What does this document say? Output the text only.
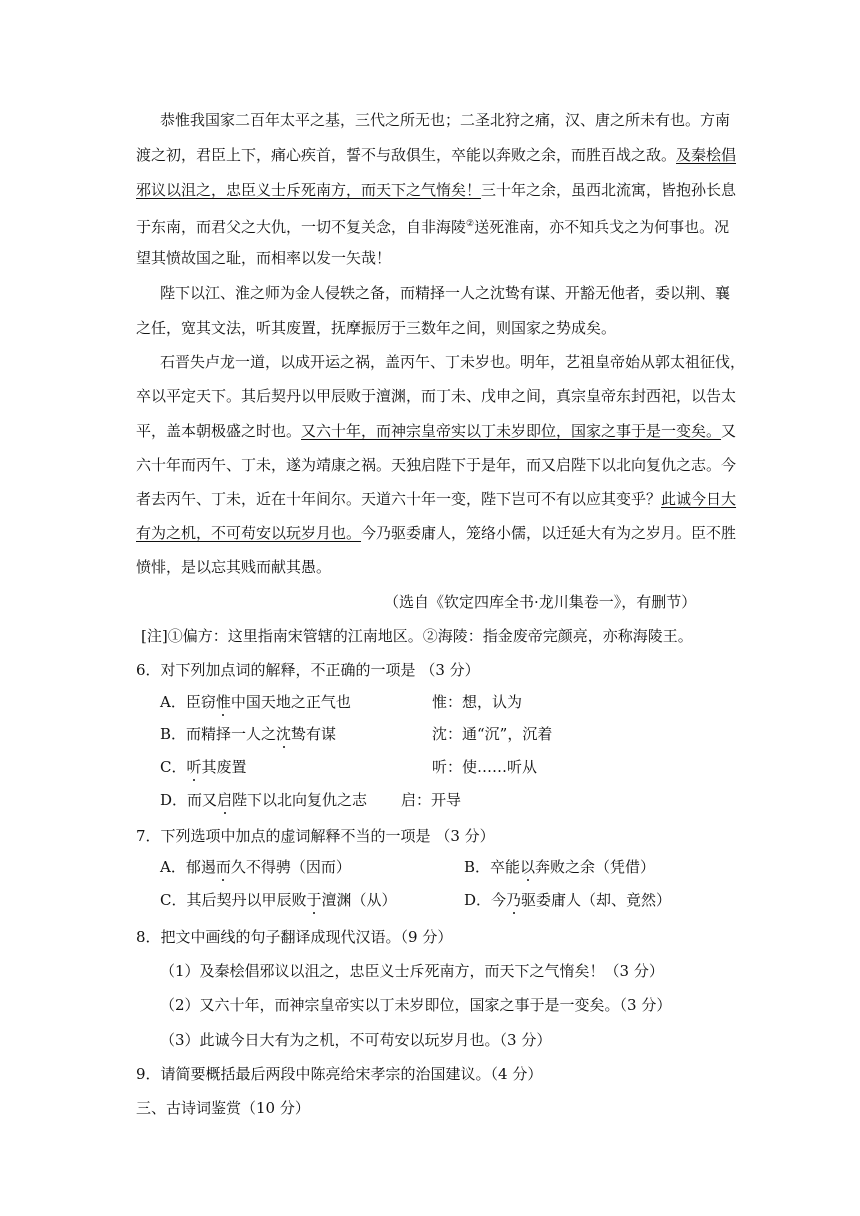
恭惟我国家二百年太平之基，三代之所无也；二圣北狩之痛，汉、唐之所未有也。方南
渡之初，君臣上下，痛心疾首，誓不与敌俱生，卒能以奔败之余，而胜百战之敌。及秦桧倡
邪议以沮之，忠臣义士斥死南方，而天下之气惰矣！三十年之余，虽西北流寓，皆抱孙长息
于东南，而君父之大仇，一切不复关念，自非海陵②送死淮南，亦不知兵戈之为何事也。况
望其愤故国之耻，而相率以发一矢哉！
陛下以江、淮之师为金人侵轶之备，而精择一人之沈鸷有谋、开豁无他者，委以荆、襄
之任，宽其文法，听其废置，抚摩振厉于三数年之间，则国家之势成矣。
石晋失卢龙一道，以成开运之祸，盖丙午、丁未岁也。明年，艺祖皇帝始从郭太祖征伐，
卒以平定天下。其后契丹以甲辰败于澶渊，而丁未、戊申之间，真宗皇帝东封西祀，以告太
平，盖本朝极盛之时也。又六十年，而神宗皇帝实以丁未岁即位，国家之事于是一变矣。又
六十年而丙午、丁未，遂为靖康之祸。天独启陛下于是年，而又启陛下以北向复仇之志。今
者去丙午、丁未，近在十年间尔。天道六十年一变，陛下岂可不有以应其变乎？此诚今日大
有为之机，不可苟安以玩岁月也。今乃驱委庸人，笼络小儒，以迁延大有为之岁月。臣不胜
愤悱，是以忘其贱而献其愚。
（选自《钦定四库全书·龙川集卷一》，有删节）
[注]①偏方：这里指南宋管辖的江南地区。②海陵：指金废帝完颜亮，亦称海陵王。
6．对下列加点词的解释，不正确的一项是 （3 分）
A．臣窃惟中国天地之正气也	惟：想，认为
B．而精择一人之沈鸷有谋	沈：通“沉”，沉着
C．听其废置	听：使……听从
D．而又启陛下以北向复仇之志 启：开导
7．下列选项中加点的虚词解释不当的一项是 （3 分）
A．郁遏而久不得骋（因而）	B．卒能以奔败之余（凭借）
C．其后契丹以甲辰败于澶渊（从）	D．今乃驱委庸人（却、竟然）
8．把文中画线的句子翻译成现代汉语。（9 分）
（1）及秦桧倡邪议以沮之，忠臣义士斥死南方，而天下之气惰矣！（3 分）
（2）又六十年，而神宗皇帝实以丁未岁即位，国家之事于是一变矣。（3 分）
（3）此诚今日大有为之机，不可苟安以玩岁月也。（3 分）
9．请简要概括最后两段中陈亮给宋孝宗的治国建议。（4 分）
三、古诗词鉴赏（10 分）
